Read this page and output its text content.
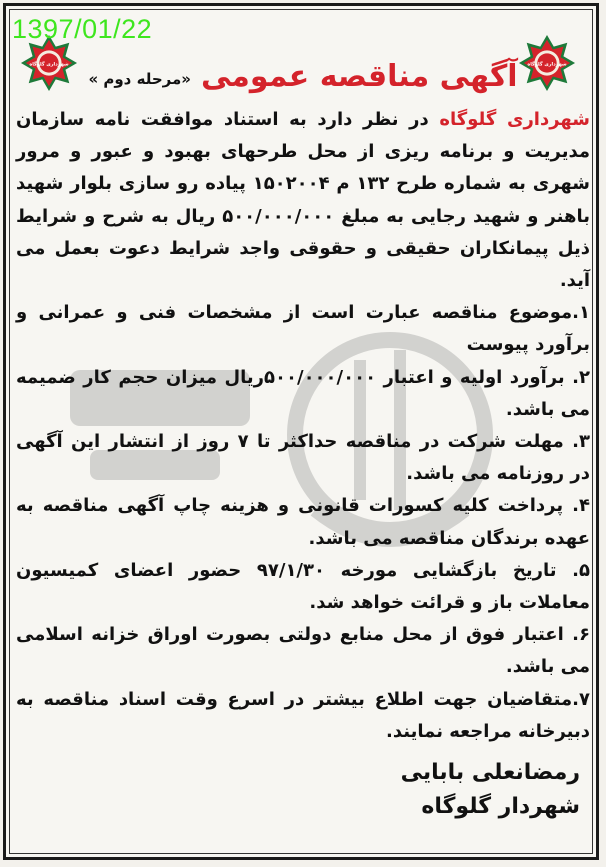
1397/01/22
شهرداری گلوگاه	شهرداری گلوگاه
آگهی مناقصه عمومی
«مرحله دوم »

شهرداری گلوگاه در نظر دارد به استناد موافقت نامه سازمان مدیریت و برنامه ریزی از محل طرحهای بهبود و عبور و مرور شهری به شماره طرح ۱۳۲ م ۱۵۰۲۰۰۴ پیاده رو سازی بلوار شهید باهنر و شهید رجایی به مبلغ ۵۰۰/۰۰۰/۰۰۰ ریال به شرح و شرایط ذیل پیمانکاران حقیقی و حقوقی واجد شرایط دعوت بعمل می آید.

۱.موضوع مناقصه عبارت است از مشخصات فنی و عمرانی و برآورد پیوست

۲. برآورد اولیه و اعتبار ۵۰۰/۰۰۰/۰۰۰ریال میزان حجم کار ضمیمه می باشد.

۳. مهلت شرکت در مناقصه حداکثر تا ۷ روز از انتشار این آگهی در روزنامه می باشد.

۴. پرداخت کلیه کسورات قانونی و هزینه چاپ آگهی مناقصه به عهده برندگان مناقصه می باشد.

۵. تاریخ بازگشایی مورخه ۹۷/۱/۳۰ حضور اعضای کمیسیون معاملات باز و قرائت خواهد شد.

۶. اعتبار فوق از محل منابع دولتی بصورت اوراق خزانه اسلامی می باشد.

۷.متقاضیان جهت اطلاع بیشتر در اسرع وقت اسناد مناقصه به دبیرخانه مراجعه نمایند.

رمضانعلی بابایی
شهردار گلوگاه
